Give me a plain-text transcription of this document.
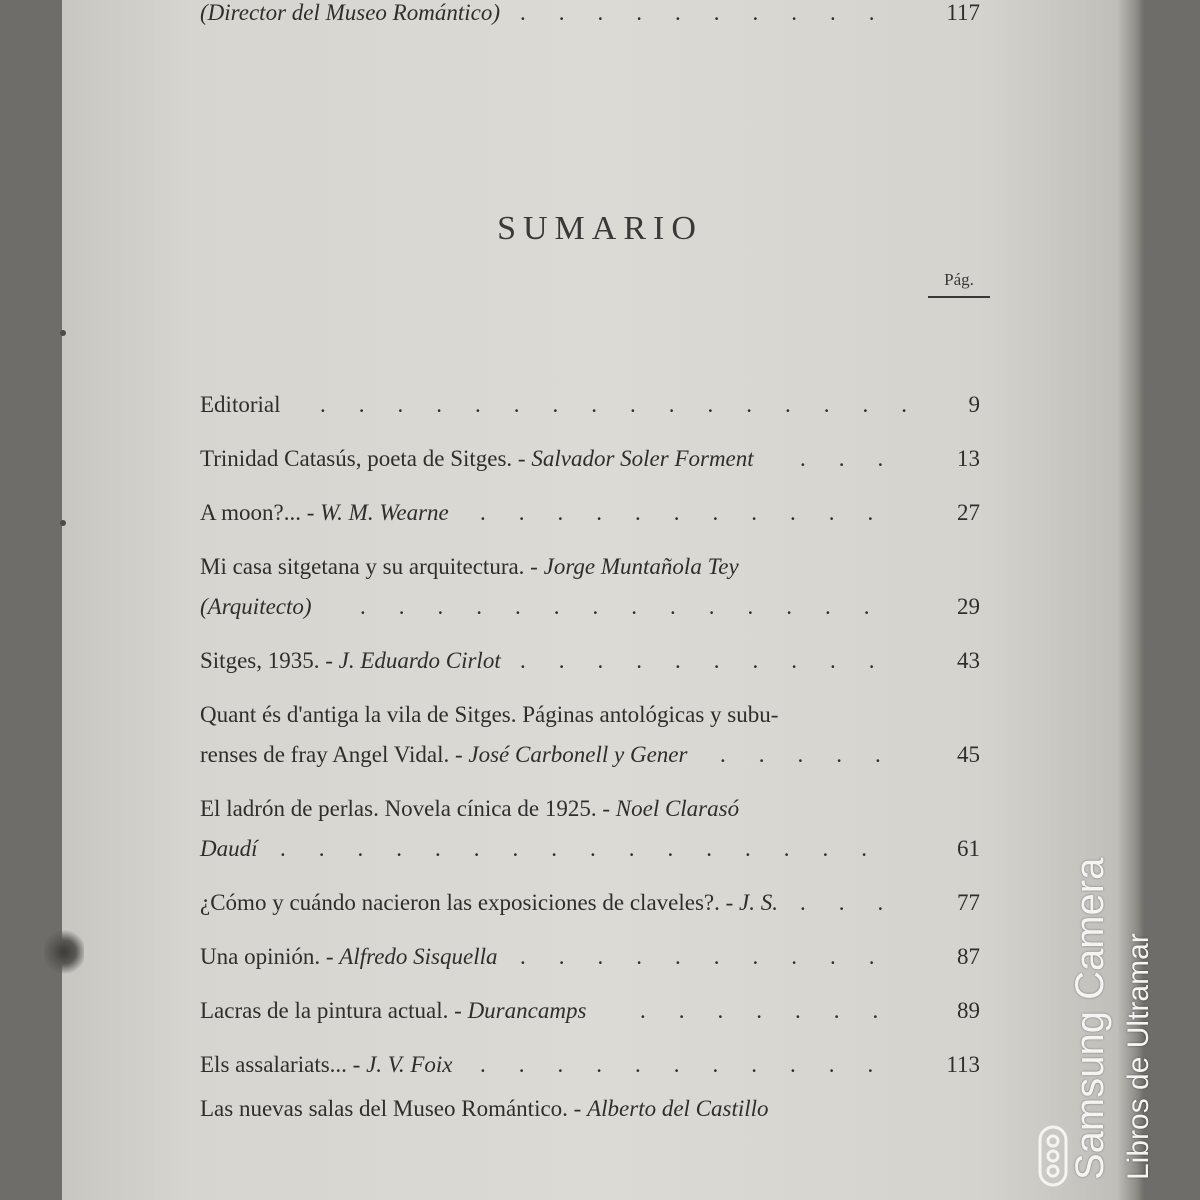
SUMARIO
Pág.
Editorial	9
................
Trinidad Catasús, poeta de Sitges. - Salvador Soler Forment	13
...
A moon?... - W. M. Wearne	27
...........
Mi casa sitgetana y su arquitectura. - Jorge Muntañola Tey
(Arquitecto)	29
..............
Sitges, 1935. - J. Eduardo Cirlot	43
..........
Quant és d'antiga la vila de Sitges. Páginas antológicas y subu-
renses de fray Angel Vidal. - José Carbonell y Gener	45
.....
El ladrón de perlas. Novela cínica de 1925. - Noel Clarasó
Daudí	61
................
¿Cómo y cuándo nacieron las exposiciones de claveles?. - J. S.	77
...
Una opinión. - Alfredo Sisquella	87
..........
Lacras de la pintura actual. - Durancamps	89
.......
Els assalariats... - J. V. Foix	113
...........
Las nuevas salas del Museo Romántico. - Alberto del Castillo
(Director del Museo Romántico)	117
..........
Samsung Camera Libros de Ultramar
